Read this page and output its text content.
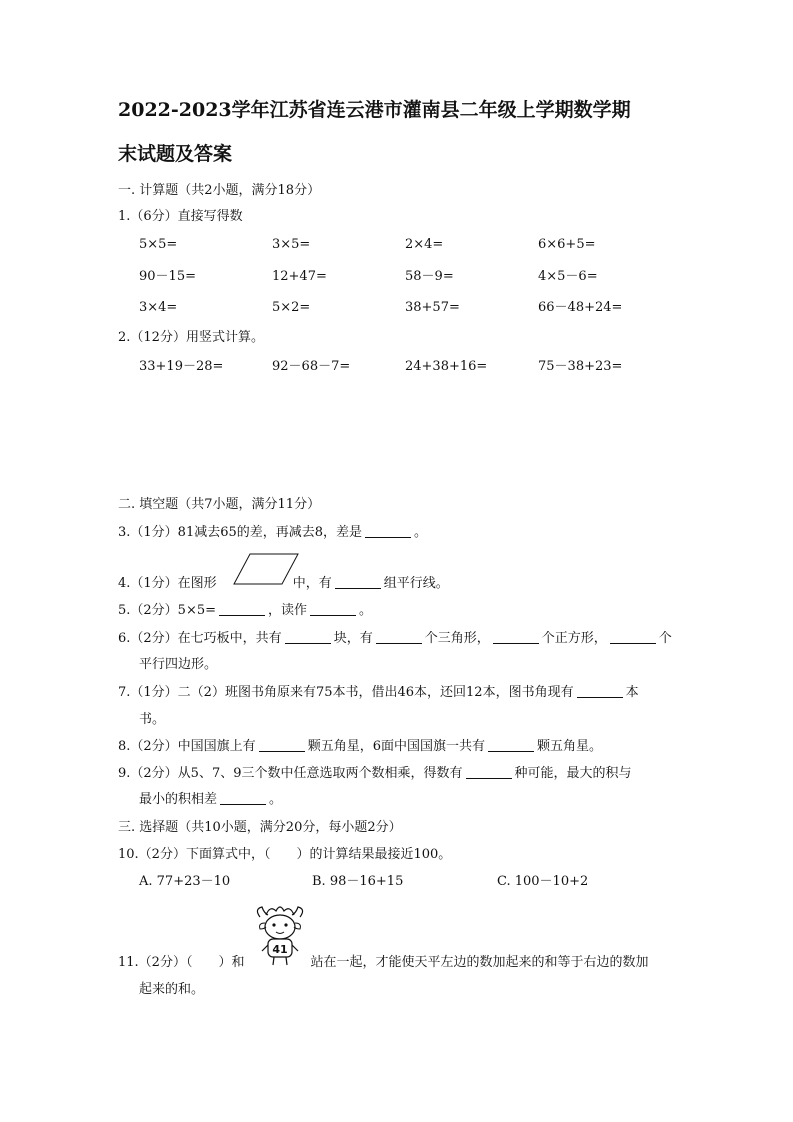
2022-2023学年江苏省连云港市灌南县二年级上学期数学期
末试题及答案
一. 计算题（共2小题，满分18分）
1.（6分）直接写得数
5×5=	3×5=	2×4=	6×6+5=
90－15=	12+47=	58－9=	4×5－6=
3×4=	5×2=	38+57=	66－48+24=
2.（12分）用竖式计算。
33+19－28=	92－68－7=	24+38+16=	75－38+23=
二. 填空题（共7小题，满分11分）
3.（1分）81减去65的差，再减去8，差是	。
4.（1分）在图形	中，有	组平行线。
5.（2分）5×5=	，读作	。
6.（2分）在七巧板中，共有	块，有	个三角形，	个正方形，	个
平行四边形。
7.（1分）二（2）班图书角原来有75本书，借出46本，还回12本，图书角现有	本
书。
8.（2分）中国国旗上有	颗五角星，6面中国国旗一共有	颗五角星。
9.（2分）从5、7、9三个数中任意选取两个数相乘，得数有	种可能，最大的积与
最小的积相差	。
三. 选择题（共10小题，满分20分，每小题2分）
10.（2分）下面算式中，（　　）的计算结果最接近100。
A. 77+23－10	B. 98－16+15	C. 100－10+2
41
11.（2分）（　　）和	站在一起，才能使天平左边的数加起来的和等于右边的数加
起来的和。
